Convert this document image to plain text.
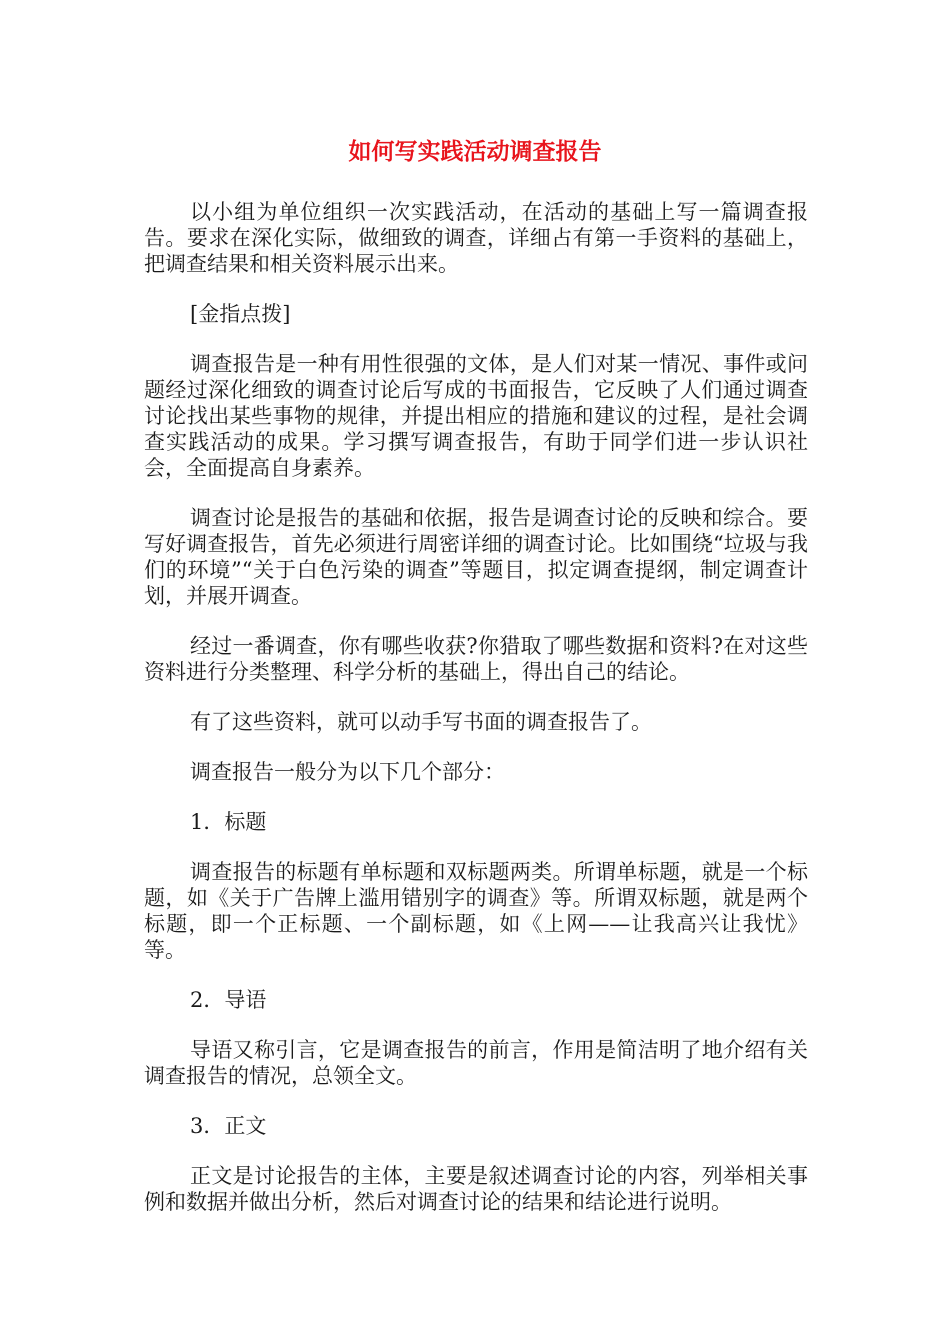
如何写实践活动调查报告

以小组为单位组织一次实践活动，在活动的基础上写一篇调查报告。要求在深化实际，做细致的调查，详细占有第一手资料的基础上，把调查结果和相关资料展示出来。

[金指点拨]

调查报告是一种有用性很强的文体，是人们对某一情况、事件或问题经过深化细致的调查讨论后写成的书面报告，它反映了人们通过调查讨论找出某些事物的规律，并提出相应的措施和建议的过程，是社会调查实践活动的成果。学习撰写调查报告，有助于同学们进一步认识社会，全面提高自身素养。

调查讨论是报告的基础和依据，报告是调查讨论的反映和综合。要写好调查报告，首先必须进行周密详细的调查讨论。比如围绕“垃圾与我们的环境”“关于白色污染的调查”等题目，拟定调查提纲，制定调查计划，并展开调查。

经过一番调查，你有哪些收获?你猎取了哪些数据和资料?在对这些资料进行分类整理、科学分析的基础上，得出自己的结论。

有了这些资料，就可以动手写书面的调查报告了。

调查报告一般分为以下几个部分：

1．标题

调查报告的标题有单标题和双标题两类。所谓单标题，就是一个标题，如《关于广告牌上滥用错别字的调查》等。所谓双标题，就是两个标题，即一个正标题、一个副标题，如《上网——让我高兴让我忧》等。

2．导语

导语又称引言，它是调查报告的前言，作用是简洁明了地介绍有关调查报告的情况，总领全文。

3．正文

正文是讨论报告的主体，主要是叙述调查讨论的内容，列举相关事例和数据并做出分析，然后对调查讨论的结果和结论进行说明。
